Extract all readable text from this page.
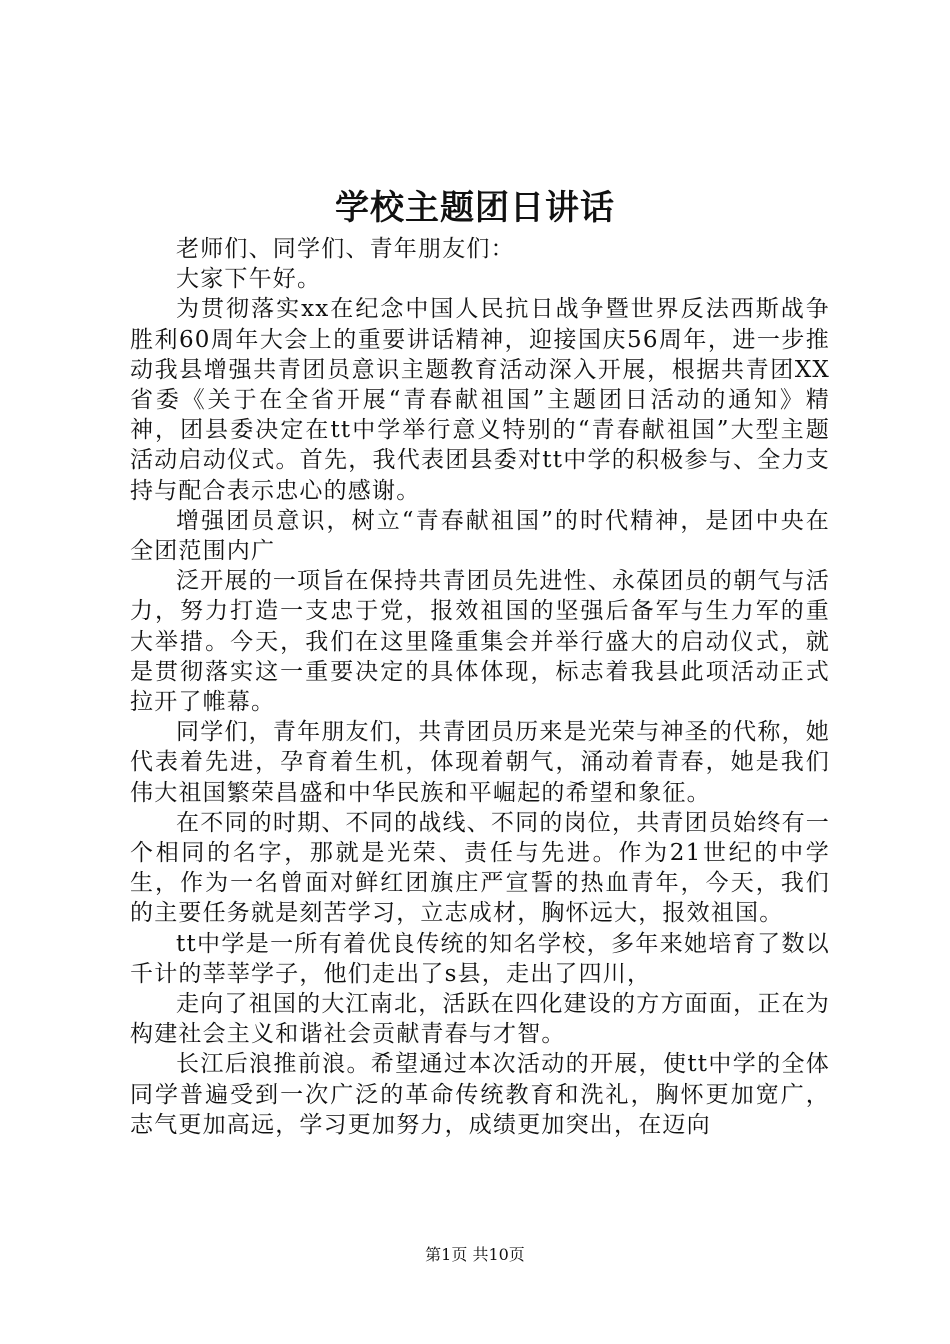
学校主题团日讲话

老师们、同学们、青年朋友们：

大家下午好。

为贯彻落实xx在纪念中国人民抗日战争暨世界反法西斯战争胜利60周年大会上的重要讲话精神，迎接国庆56周年，进一步推动我县增强共青团员意识主题教育活动深入开展，根据共青团XX省委《关于在全省开展“青春献祖国”主题团日活动的通知》精神，团县委决定在tt中学举行意义特别的“青春献祖国”大型主题活动启动仪式。首先，我代表团县委对tt中学的积极参与、全力支持与配合表示忠心的感谢。

增强团员意识，树立“青春献祖国”的时代精神，是团中央在全团范围内广

泛开展的一项旨在保持共青团员先进性、永葆团员的朝气与活力，努力打造一支忠于党，报效祖国的坚强后备军与生力军的重大举措。今天，我们在这里隆重集会并举行盛大的启动仪式，就是贯彻落实这一重要决定的具体体现，标志着我县此项活动正式拉开了帷幕。

同学们，青年朋友们，共青团员历来是光荣与神圣的代称，她代表着先进，孕育着生机，体现着朝气，涌动着青春，她是我们伟大祖国繁荣昌盛和中华民族和平崛起的希望和象征。

在不同的时期、不同的战线、不同的岗位，共青团员始终有一个相同的名字，那就是光荣、责任与先进。作为21世纪的中学生，作为一名曾面对鲜红团旗庄严宣誓的热血青年，今天，我们的主要任务就是刻苦学习，立志成材，胸怀远大，报效祖国。

tt中学是一所有着优良传统的知名学校，多年来她培育了数以千计的莘莘学子，他们走出了s县，走出了四川，

走向了祖国的大江南北，活跃在四化建设的方方面面，正在为构建社会主义和谐社会贡献青春与才智。

长江后浪推前浪。希望通过本次活动的开展，使tt中学的全体同学普遍受到一次广泛的革命传统教育和洗礼，胸怀更加宽广，志气更加高远，学习更加努力，成绩更加突出，在迈向

第1页 共10页
